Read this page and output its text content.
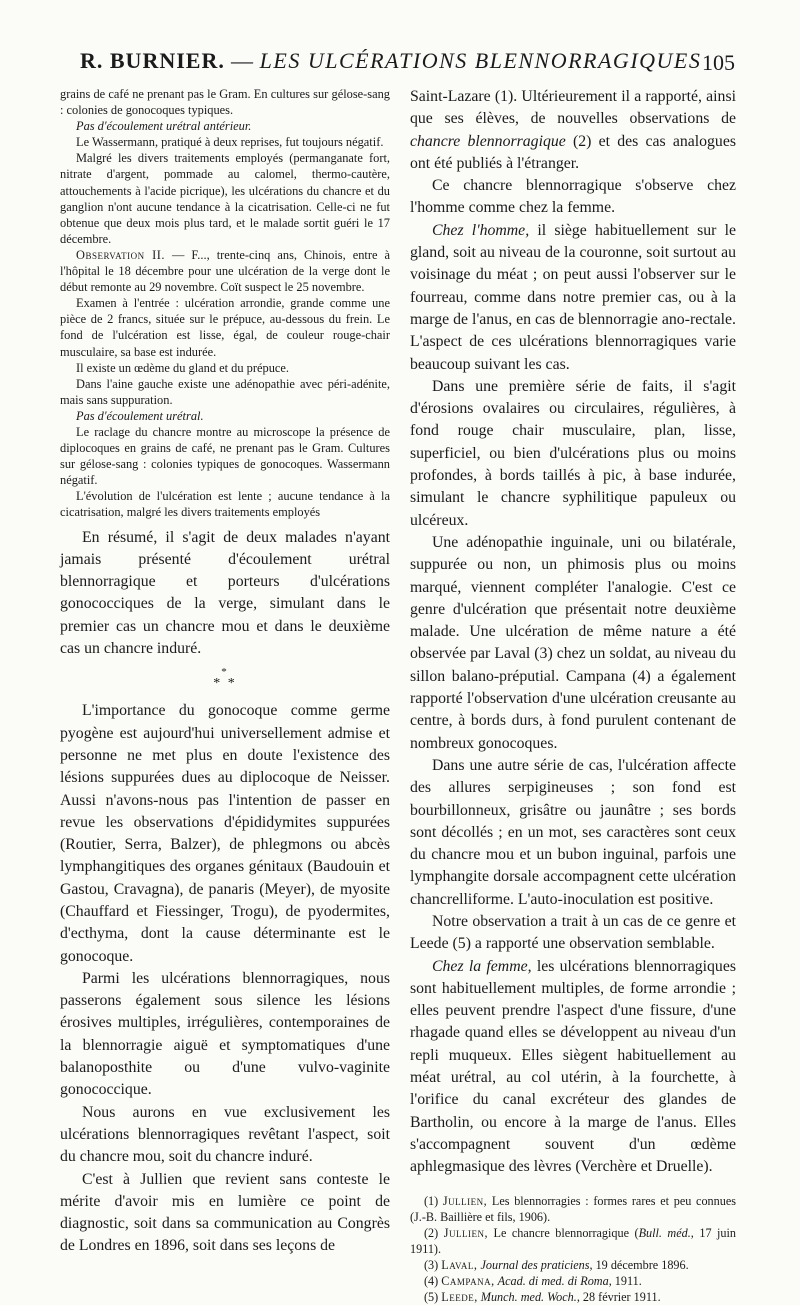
R. BURNIER. — LES ULCÉRATIONS BLENNORRAGIQUES 105

grains de café ne prenant pas le Gram. En cultures sur gélose-sang : colonies de gonocoques typiques.

Pas d'écoulement urétral antérieur.

Le Wassermann, pratiqué à deux reprises, fut toujours négatif.

Malgré les divers traitements employés (permanganate fort, nitrate d'argent, pommade au calomel, thermo-cautère, attouchements à l'acide picrique), les ulcérations du chancre et du ganglion n'ont aucune tendance à la cicatrisation. Celle-ci ne fut obtenue que deux mois plus tard, et le malade sortit guéri le 17 décembre.

Observation II. — F..., trente-cinq ans, Chinois, entre à l'hôpital le 18 décembre pour une ulcération de la verge dont le début remonte au 29 novembre. Coït suspect le 25 novembre.

Examen à l'entrée : ulcération arrondie, grande comme une pièce de 2 francs, située sur le prépuce, au-dessous du frein. Le fond de l'ulcération est lisse, égal, de couleur rouge-chair musculaire, sa base est indurée.

Il existe un œdème du gland et du prépuce.

Dans l'aine gauche existe une adénopathie avec péri-adénite, mais sans suppuration.

Pas d'écoulement urétral.

Le raclage du chancre montre au microscope la présence de diplocoques en grains de café, ne prenant pas le Gram. Cultures sur gélose-sang : colonies typiques de gonocoques. Wassermann négatif.

L'évolution de l'ulcération est lente ; aucune tendance à la cicatrisation, malgré les divers traitements employés

En résumé, il s'agit de deux malades n'ayant jamais présenté d'écoulement urétral blennorragique et porteurs d'ulcérations gonococciques de la verge, simulant dans le premier cas un chancre mou et dans le deuxième cas un chancre induré.

*
* *

L'importance du gonocoque comme germe pyogène est aujourd'hui universellement admise et personne ne met plus en doute l'existence des lésions suppurées dues au diplocoque de Neisser. Aussi n'avons-nous pas l'intention de passer en revue les observations d'épididymites suppurées (Routier, Serra, Balzer), de phlegmons ou abcès lymphangitiques des organes génitaux (Baudouin et Gastou, Cravagna), de panaris (Meyer), de myosite (Chauffard et Fiessinger, Trogu), de pyodermites, d'ecthyma, dont la cause déterminante est le gonocoque.

Parmi les ulcérations blennorragiques, nous passerons également sous silence les lésions érosives multiples, irrégulières, contemporaines de la blennorragie aiguë et symptomatiques d'une balanoposthite ou d'une vulvo-vaginite gonococcique.

Nous aurons en vue exclusivement les ulcérations blennorragiques revêtant l'aspect, soit du chancre mou, soit du chancre induré.

C'est à Jullien que revient sans conteste le mérite d'avoir mis en lumière ce point de diagnostic, soit dans sa communication au Congrès de Londres en 1896, soit dans ses leçons de

Saint-Lazare (1). Ultérieurement il a rapporté, ainsi que ses élèves, de nouvelles observations de chancre blennorragique (2) et des cas analogues ont été publiés à l'étranger.

Ce chancre blennorragique s'observe chez l'homme comme chez la femme.

Chez l'homme, il siège habituellement sur le gland, soit au niveau de la couronne, soit surtout au voisinage du méat ; on peut aussi l'observer sur le fourreau, comme dans notre premier cas, ou à la marge de l'anus, en cas de blennorragie ano-rectale. L'aspect de ces ulcérations blennorragiques varie beaucoup suivant les cas.

Dans une première série de faits, il s'agit d'érosions ovalaires ou circulaires, régulières, à fond rouge chair musculaire, plan, lisse, superficiel, ou bien d'ulcérations plus ou moins profondes, à bords taillés à pic, à base indurée, simulant le chancre syphilitique papuleux ou ulcéreux.

Une adénopathie inguinale, uni ou bilatérale, suppurée ou non, un phimosis plus ou moins marqué, viennent compléter l'analogie. C'est ce genre d'ulcération que présentait notre deuxième malade. Une ulcération de même nature a été observée par Laval (3) chez un soldat, au niveau du sillon balano-préputial. Campana (4) a également rapporté l'observation d'une ulcération creusante au centre, à bords durs, à fond purulent contenant de nombreux gonocoques.

Dans une autre série de cas, l'ulcération affecte des allures serpigineuses ; son fond est bourbillonneux, grisâtre ou jaunâtre ; ses bords sont décollés ; en un mot, ses caractères sont ceux du chancre mou et un bubon inguinal, parfois une lymphangite dorsale accompagnent cette ulcération chancrelliforme. L'auto-inoculation est positive.

Notre observation a trait à un cas de ce genre et Leede (5) a rapporté une observation semblable.

Chez la femme, les ulcérations blennorragiques sont habituellement multiples, de forme arrondie ; elles peuvent prendre l'aspect d'une fissure, d'une rhagade quand elles se développent au niveau d'un repli muqueux. Elles siègent habituellement au méat urétral, au col utérin, à la fourchette, à l'orifice du canal excréteur des glandes de Bartholin, ou encore à la marge de l'anus. Elles s'accompagnent souvent d'un œdème aphlegmasique des lèvres (Verchère et Druelle).

(1) Jullien, Les blennorragies : formes rares et peu connues (J.-B. Baillière et fils, 1906).

(2) Jullien, Le chancre blennorragique (Bull. méd., 17 juin 1911).

(3) Laval, Journal des praticiens, 19 décembre 1896.

(4) Campana, Acad. di med. di Roma, 1911.

(5) Leede, Munch. med. Woch., 28 février 1911.
